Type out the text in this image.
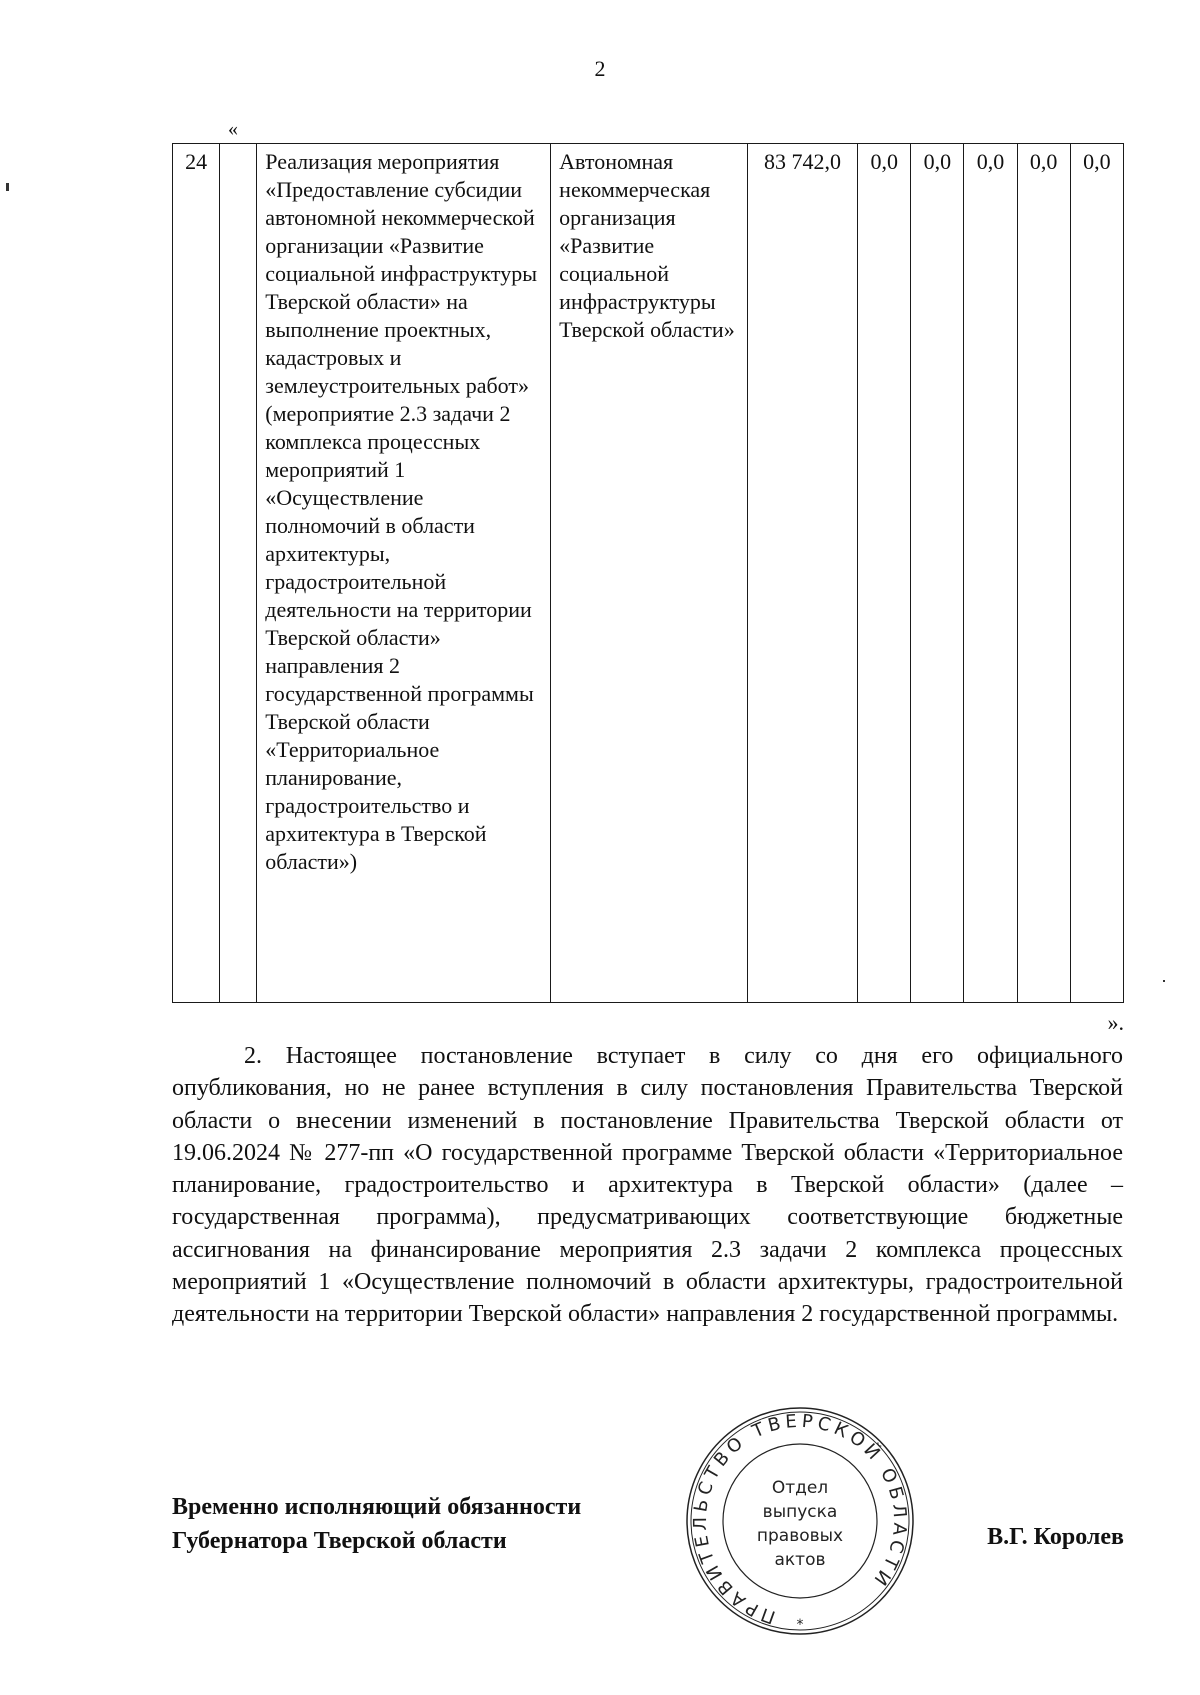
2
«
24		Реализация мероприятия «Предоставление субсидии автономной некоммерческой организации «Развитие социальной инфраструктуры Тверской области» на выполнение проектных, кадастровых и землеустроительных работ» (мероприятие 2.3 задачи 2 комплекса процессных мероприятий 1 «Осуществление полномочий в области архитектуры, градостроительной деятельности на территории Тверской области» направления 2 государственной программы Тверской области «Территориальное планирование, градостроительство и архитектура в Тверской области»)	Автономная некоммерческая организация «Развитие социальной инфраструктуры Тверской области»	83 742,0	0,0	0,0	0,0	0,0	0,0
».
2. Настоящее постановление вступает в силу со дня его официального опубликования, но не ранее вступления в силу постановления Правительства Тверской области о внесении изменений в постановление Правительства Тверской области от 19.06.2024 № 277-пп «О государственной программе Тверской области «Территориальное планирование, градостроительство и архитектура в Тверской области» (далее – государственная программа), предусматривающих соответствующие бюджетные ассигнования на финансирование мероприятия 2.3 задачи 2 комплекса процессных мероприятий 1 «Осуществление полномочий в области архитектуры, градостроительной деятельности на территории Тверской области» направления 2 государственной программы.
Временно исполняющий обязанности
Губернатора Тверской области
ПРАВИТЕЛЬСТВО ТВЕРСКОЙ ОБЛАСТИ
Отдел
выпуска
правовых
актов
*
В.Г. Королев
